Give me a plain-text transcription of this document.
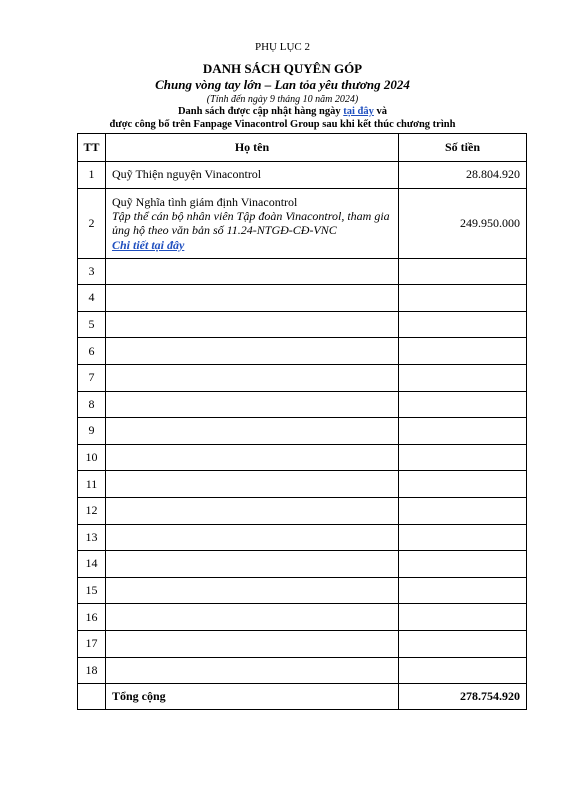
PHỤ LỤC 2
DANH SÁCH QUYÊN GÓP
Chung vòng tay lớn – Lan tỏa yêu thương 2024
(Tính đến ngày 9 tháng 10 năm 2024)
Danh sách được cập nhật hàng ngày tại đây và
được công bố trên Fanpage Vinacontrol Group sau khi kết thúc chương trình
TT	Họ tên	Số tiền
1	Quỹ Thiện nguyện Vinacontrol	28.804.920
2	Quỹ Nghĩa tình giám định Vinacontrol
Tập thể cán bộ nhân viên Tập đoàn Vinacontrol, tham gia ủng hộ theo văn bản số 11.24-NTGĐ-CĐ-VNC
Chi tiết tại đây	249.950.000
3		
4		
5		
6		
7		
8		
9		
10		
11		
12		
13		
14		
15		
16		
17		
18		
	Tổng cộng	278.754.920
